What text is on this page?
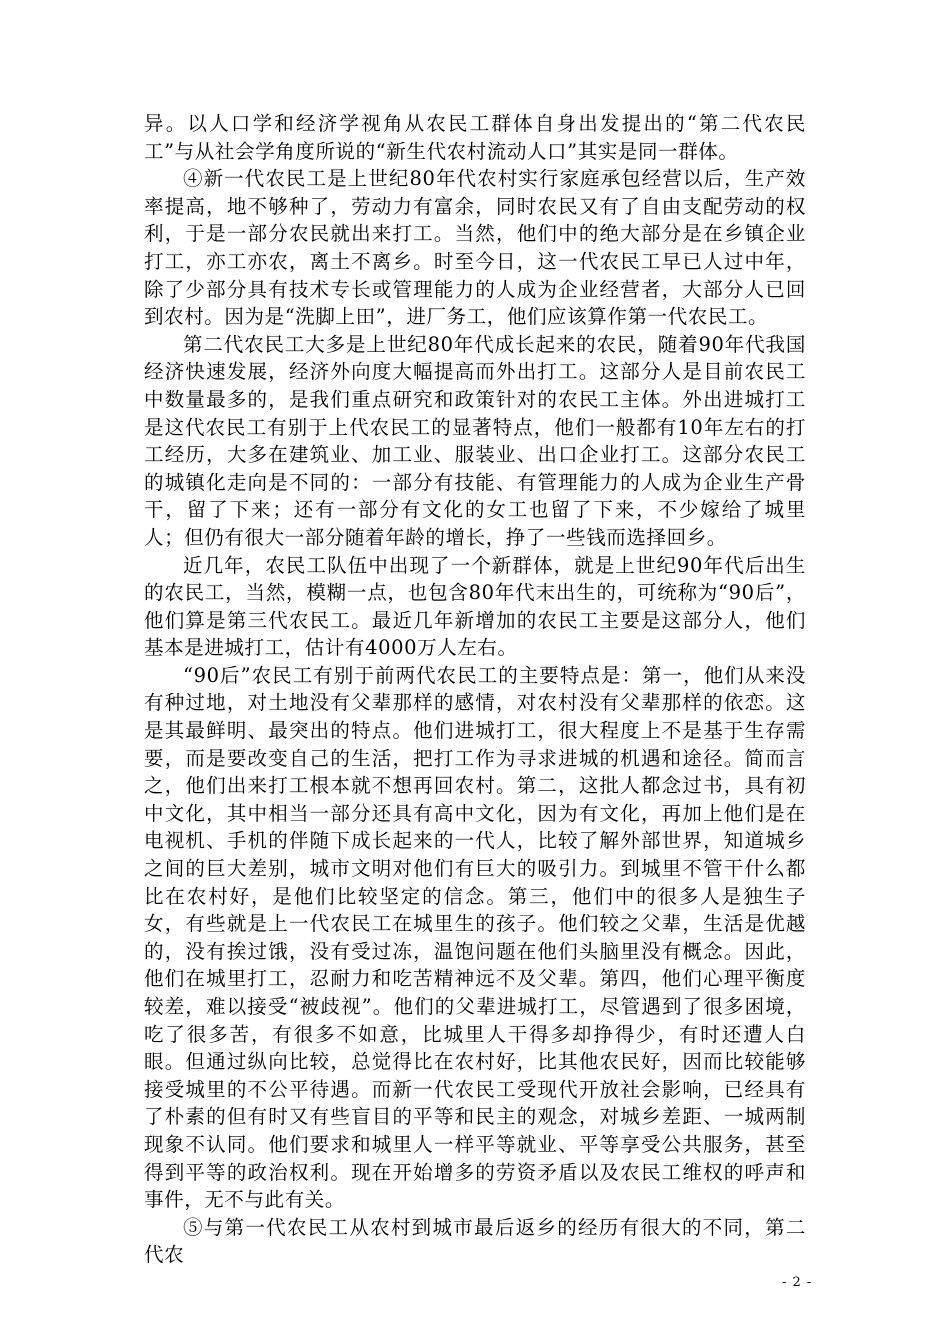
异。以人口学和经济学视角从农民工群体自身出发提出的“第二代农民工”与从社会学角度所说的“新生代农村流动人口”其实是同一群体。

④新一代农民工是上世纪80年代农村实行家庭承包经营以后，生产效率提高，地不够种了，劳动力有富余，同时农民又有了自由支配劳动的权利，于是一部分农民就出来打工。当然，他们中的绝大部分是在乡镇企业打工，亦工亦农，离土不离乡。时至今日，这一代农民工早已人过中年，除了少部分具有技术专长或管理能力的人成为企业经营者，大部分人已回到农村。因为是“洗脚上田”，进厂务工，他们应该算作第一代农民工。

第二代农民工大多是上世纪80年代成长起来的农民，随着90年代我国经济快速发展，经济外向度大幅提高而外出打工。这部分人是目前农民工中数量最多的，是我们重点研究和政策针对的农民工主体。外出进城打工是这代农民工有别于上代农民工的显著特点，他们一般都有10年左右的打工经历，大多在建筑业、加工业、服装业、出口企业打工。这部分农民工的城镇化走向是不同的：一部分有技能、有管理能力的人成为企业生产骨干，留了下来；还有一部分有文化的女工也留了下来，不少嫁给了城里人；但仍有很大一部分随着年龄的增长，挣了一些钱而选择回乡。

近几年，农民工队伍中出现了一个新群体，就是上世纪90年代后出生的农民工，当然，模糊一点，也包含80年代末出生的，可统称为“90后”，他们算是第三代农民工。最近几年新增加的农民工主要是这部分人，他们基本是进城打工，估计有4000万人左右。

“90后”农民工有别于前两代农民工的主要特点是：第一，他们从来没有种过地，对土地没有父辈那样的感情，对农村没有父辈那样的依恋。这是其最鲜明、最突出的特点。他们进城打工，很大程度上不是基于生存需要，而是要改变自己的生活，把打工作为寻求进城的机遇和途径。简而言之，他们出来打工根本就不想再回农村。第二，这批人都念过书，具有初中文化，其中相当一部分还具有高中文化，因为有文化，再加上他们是在电视机、手机的伴随下成长起来的一代人，比较了解外部世界，知道城乡之间的巨大差别，城市文明对他们有巨大的吸引力。到城里不管干什么都比在农村好，是他们比较坚定的信念。第三，他们中的很多人是独生子女，有些就是上一代农民工在城里生的孩子。他们较之父辈，生活是优越的，没有挨过饿，没有受过冻，温饱问题在他们头脑里没有概念。因此，他们在城里打工，忍耐力和吃苦精神远不及父辈。第四，他们心理平衡度较差，难以接受“被歧视”。他们的父辈进城打工，尽管遇到了很多困境，吃了很多苦，有很多不如意，比城里人干得多却挣得少，有时还遭人白眼。但通过纵向比较，总觉得比在农村好，比其他农民好，因而比较能够接受城里的不公平待遇。而新一代农民工受现代开放社会影响，已经具有了朴素的但有时又有些盲目的平等和民主的观念，对城乡差距、一城两制现象不认同。他们要求和城里人一样平等就业、平等享受公共服务，甚至得到平等的政治权利。现在开始增多的劳资矛盾以及农民工维权的呼声和事件，无不与此有关。

⑤与第一代农民工从农村到城市最后返乡的经历有很大的不同，第二代农

- 2 -
